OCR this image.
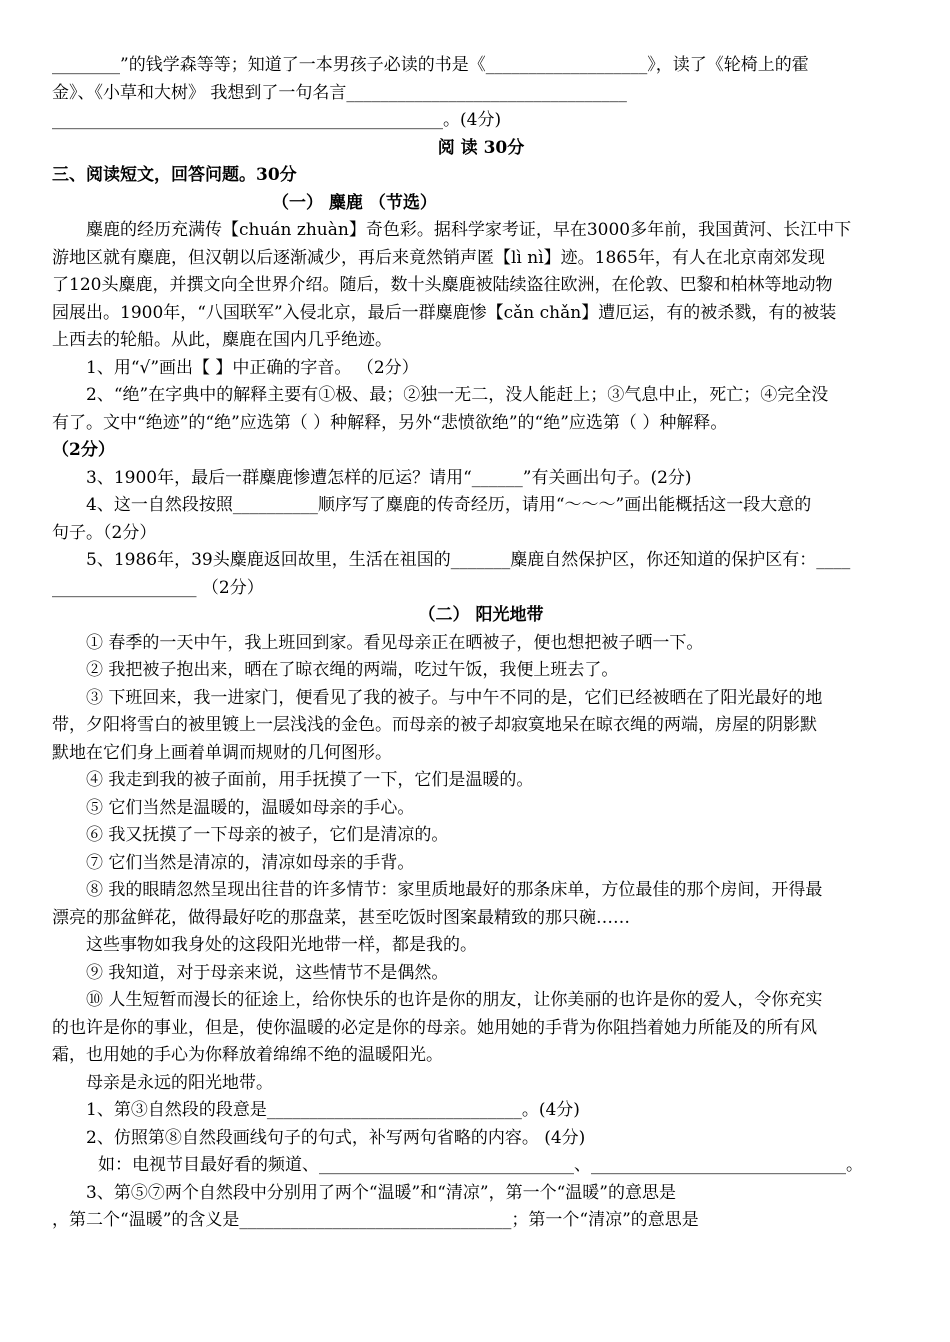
________”的钱学森等等；知道了一本男孩子必读的书是《___________________》，读了《轮椅上的霍
金》、《小草和大树》 我想到了一句名言_________________________________
______________________________________________。(4分)
阅 读 30分
三、阅读短文，回答问题。30分
（一） 麋鹿 （节选）
麋鹿的经历充满传【chuán zhuàn】奇色彩。据科学家考证，早在3000多年前，我国黄河、长江中下
游地区就有麋鹿，但汉朝以后逐渐减少，再后来竟然销声匿【lì nì】迹。1865年，有人在北京南郊发现
了120头麋鹿，并撰文向全世界介绍。随后，数十头麋鹿被陆续盗往欧洲，在伦敦、巴黎和柏林等地动物
园展出。1900年，“八国联军”入侵北京，最后一群麋鹿惨【cǎn chǎn】遭厄运，有的被杀戮，有的被装
上西去的轮船。从此，麋鹿在国内几乎绝迹。
1、用“√”画出【 】中正确的字音。 （2分）
2、“绝”在字典中的解释主要有①极、最；②独一无二，没人能赶上；③气息中止，死亡；④完全没
有了。文中“绝迹”的“绝”应选第（ ）种解释，另外“悲愤欲绝”的“绝”应选第（ ）种解释。
（2分）
3、1900年，最后一群麋鹿惨遭怎样的厄运？请用“______”有关画出句子。(2分)
4、这一自然段按照__________顺序写了麋鹿的传奇经历，请用“～～～”画出能概括这一段大意的
句子。（2分）
5、1986年，39头麋鹿返回故里，生活在祖国的_______麋鹿自然保护区，你还知道的保护区有：____
_________________ （2分）
（二） 阳光地带
① 春季的一天中午，我上班回到家。看见母亲正在晒被子，便也想把被子晒一下。
② 我把被子抱出来，晒在了晾衣绳的两端，吃过午饭，我便上班去了。
③ 下班回来，我一进家门，便看见了我的被子。与中午不同的是，它们已经被晒在了阳光最好的地
带，夕阳将雪白的被里镀上一层浅浅的金色。而母亲的被子却寂寞地呆在晾衣绳的两端，房屋的阴影默
默地在它们身上画着单调而规财的几何图形。
④ 我走到我的被子面前，用手抚摸了一下，它们是温暖的。
⑤ 它们当然是温暖的，温暖如母亲的手心。
⑥ 我又抚摸了一下母亲的被子，它们是清凉的。
⑦ 它们当然是清凉的，清凉如母亲的手背。
⑧ 我的眼睛忽然呈现出往昔的许多情节：家里质地最好的那条床单，方位最佳的那个房间，开得最
漂亮的那盆鲜花，做得最好吃的那盘菜，甚至吃饭时图案最精致的那只碗……
这些事物如我身处的这段阳光地带一样，都是我的。
⑨ 我知道，对于母亲来说，这些情节不是偶然。
⑩ 人生短暂而漫长的征途上，给你快乐的也许是你的朋友，让你美丽的也许是你的爱人，令你充实
的也许是你的事业，但是，使你温暖的必定是你的母亲。她用她的手背为你阻挡着她力所能及的所有风
霜，也用她的手心为你释放着绵绵不绝的温暖阳光。
母亲是永远的阳光地带。
1、第③自然段的段意是______________________________。(4分)
2、仿照第⑧自然段画线句子的句式，补写两句省略的内容。 (4分)
如：电视节目最好看的频道、______________________________、______________________________。
3、第⑤⑦两个自然段中分别用了两个“温暖”和“清凉”，第一个“温暖”的意思是
，第二个“温暖”的含义是________________________________；第一个“清凉”的意思是
